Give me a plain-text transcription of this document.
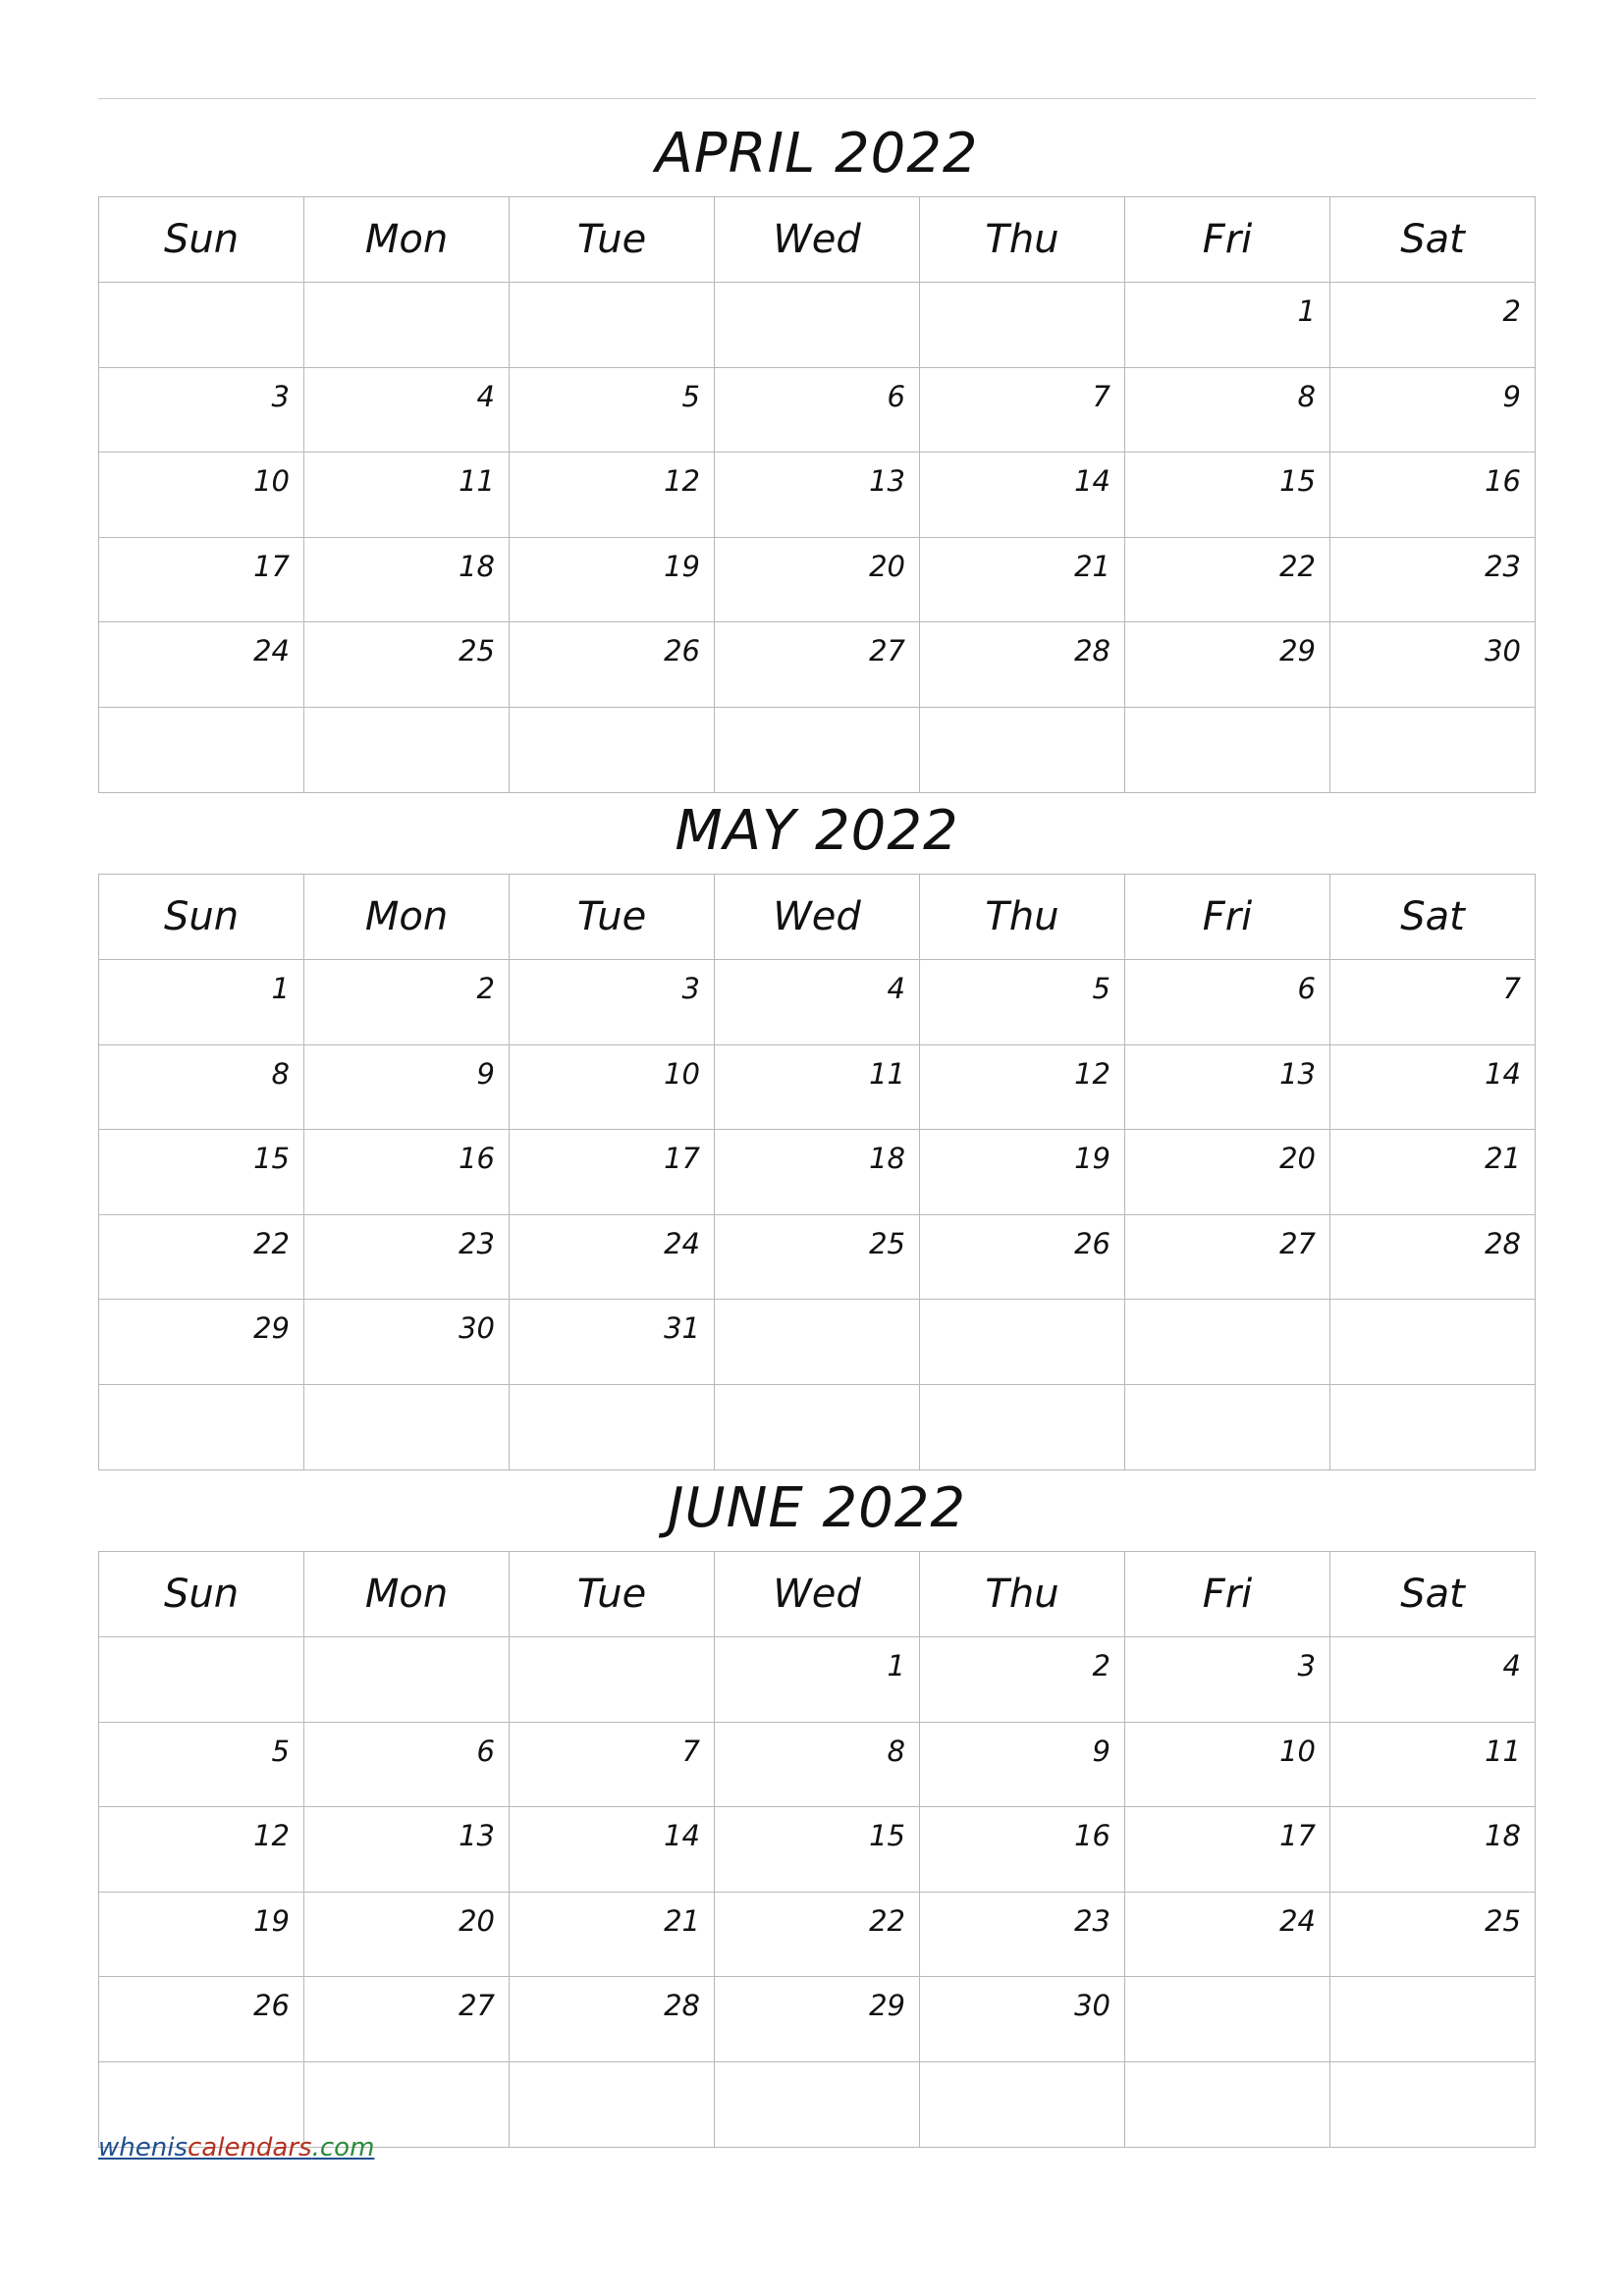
APRIL 2022
Sun	Mon	Tue	Wed	Thu	Fri	Sat
					1	2
3	4	5	6	7	8	9
10	11	12	13	14	15	16
17	18	19	20	21	22	23
24	25	26	27	28	29	30

MAY 2022
Sun	Mon	Tue	Wed	Thu	Fri	Sat
1	2	3	4	5	6	7
8	9	10	11	12	13	14
15	16	17	18	19	20	21
22	23	24	25	26	27	28
29	30	31				

JUNE 2022
Sun	Mon	Tue	Wed	Thu	Fri	Sat
			1	2	3	4
5	6	7	8	9	10	11
12	13	14	15	16	17	18
19	20	21	22	23	24	25
26	27	28	29	30		

wheniscalendars.com
